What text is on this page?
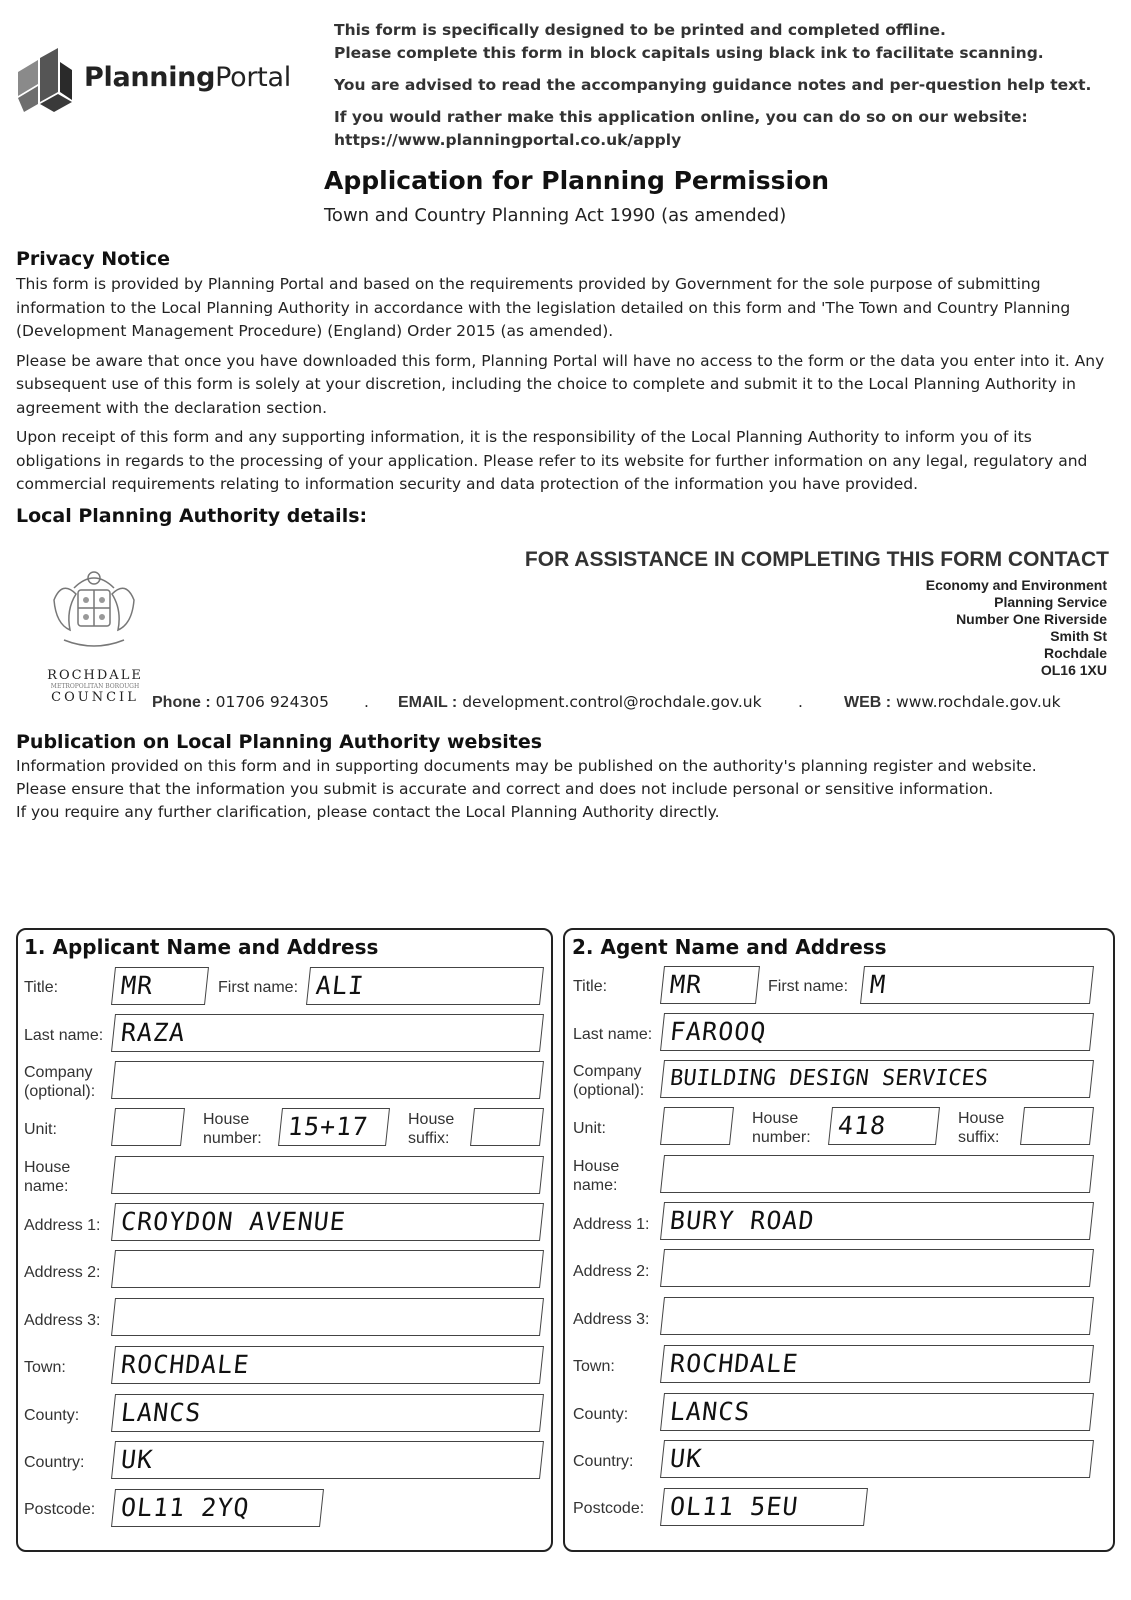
PlanningPortal
This form is specifically designed to be printed and completed offline.
Please complete this form in block capitals using black ink to facilitate scanning.
You are advised to read the accompanying guidance notes and per-question help text.
If you would rather make this application online, you can do so on our website:
https://www.planningportal.co.uk/apply
Application for Planning Permission
Town and Country Planning Act 1990 (as amended)
Privacy Notice

This form is provided by Planning Portal and based on the requirements provided by Government for the sole purpose of submitting information to the Local Planning Authority in accordance with the legislation detailed on this form and 'The Town and Country Planning (Development Management Procedure) (England) Order 2015 (as amended).

Please be aware that once you have downloaded this form, Planning Portal will have no access to the form or the data you enter into it. Any subsequent use of this form is solely at your discretion, including the choice to complete and submit it to the Local Planning Authority in agreement with the declaration section.

Upon receipt of this form and any supporting information, it is the responsibility of the Local Planning Authority to inform you of its obligations in regards to the processing of your application. Please refer to its website for further information on any legal, regulatory and commercial requirements relating to information security and data protection of the information you have provided.

Local Planning Authority details:
ROCHDALE
METROPOLITAN BOROUGH
COUNCIL
FOR ASSISTANCE IN COMPLETING THIS FORM CONTACT
Economy and Environment
Planning Service
Number One Riverside
Smith St
Rochdale
OL16 1XU
Phone : 01706 924305 . EMAIL : development.control@rochdale.gov.uk .	WEB : www.rochdale.gov.uk
Publication on Local Planning Authority websites
Information provided on this form and in supporting documents may be published on the authority's planning register and website.
Please ensure that the information you submit is accurate and correct and does not include personal or sensitive information.
If you require any further clarification, please contact the Local Planning Authority directly.
1. Applicant Name and Address
Title:	MR	First name: ALI
Last name: RAZA
Company
(optional):
Unit:
House
number: 15+17	House
suffix:
House
name:
Address 1: CROYDON AVENUE
Address 2:
Address 3:
Town:	ROCHDALE
County:	LANCS
Country:	UK
Postcode: OL11 2YQ
2. Agent Name and Address
Title:	MR	First name: M
Last name: FAROOQ
Company
(optional):	BUILDING DESIGN SERVICES
Unit:
House
number:	418	House
suffix:
House
name:
Address 1: BURY ROAD
Address 2:
Address 3:
Town:	ROCHDALE
County:	LANCS
Country:	UK
Postcode: OL11 5EU
